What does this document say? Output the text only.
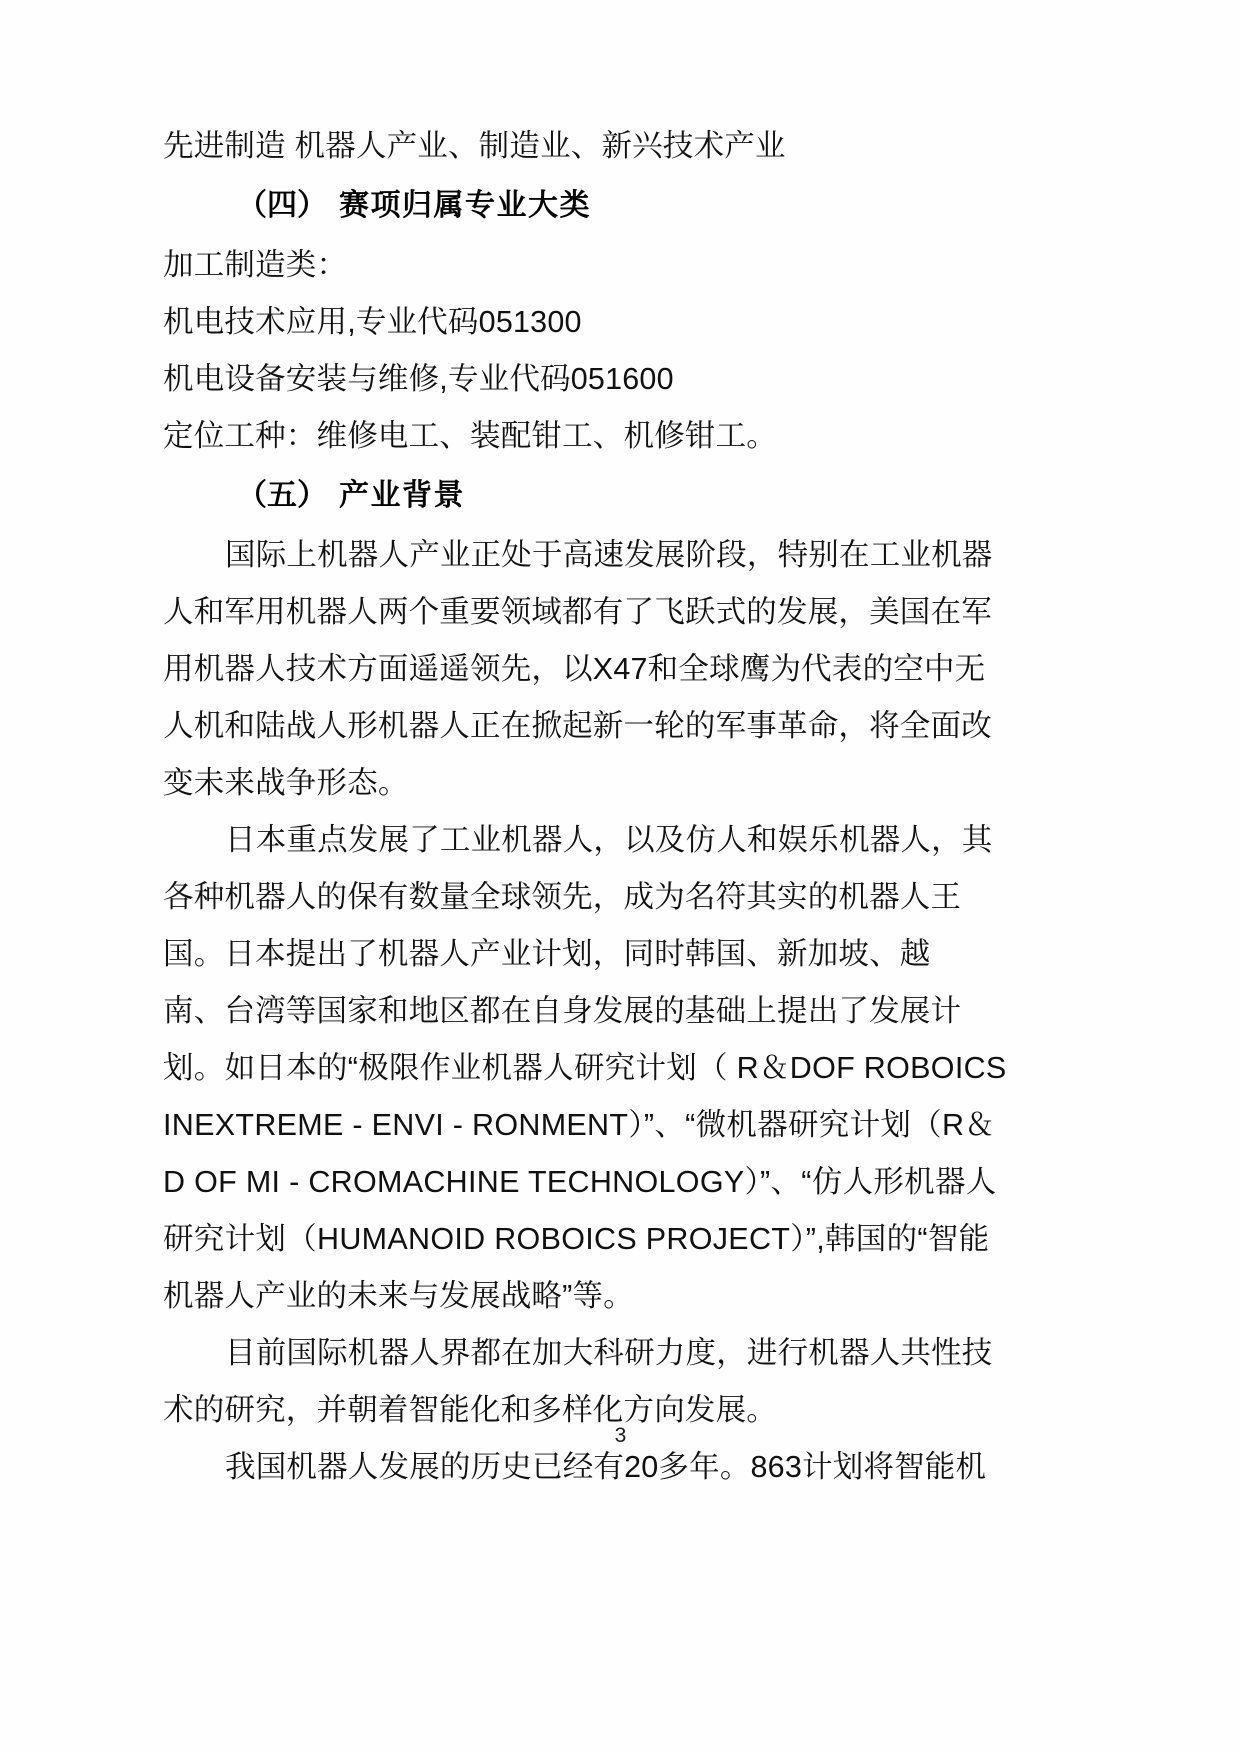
先进制造 机器人产业、制造业、新兴技术产业
（四） 赛项归属专业大类
加工制造类：
机电技术应用,专业代码051300
机电设备安装与维修,专业代码051600
定位工种：维修电工、装配钳工、机修钳工。
（五） 产业背景
国际上机器人产业正处于高速发展阶段，特别在工业机器
人和军用机器人两个重要领域都有了飞跃式的发展，美国在军
用机器人技术方面遥遥领先，以X47和全球鹰为代表的空中无
人机和陆战人形机器人正在掀起新一轮的军事革命，将全面改
变未来战争形态。
日本重点发展了工业机器人，以及仿人和娱乐机器人，其
各种机器人的保有数量全球领先，成为名符其实的机器人王
国。日本提出了机器人产业计划，同时韩国、新加坡、越
南、台湾等国家和地区都在自身发展的基础上提出了发展计
划。如日本的“极限作业机器人研究计划（ R＆DOF ROBOICS
INEXTREME - ENVI - RONMENT）”、“微机器研究计划（R＆
D OF MI - CROMACHINE TECHNOLOGY）”、“仿人形机器人
研究计划（HUMANOID ROBOICS PROJECT）”,韩国的“智能
机器人产业的未来与发展战略”等。
目前国际机器人界都在加大科研力度，进行机器人共性技
术的研究，并朝着智能化和多样化方向发展。
我国机器人发展的历史已经有20多年。863计划将智能机
3
